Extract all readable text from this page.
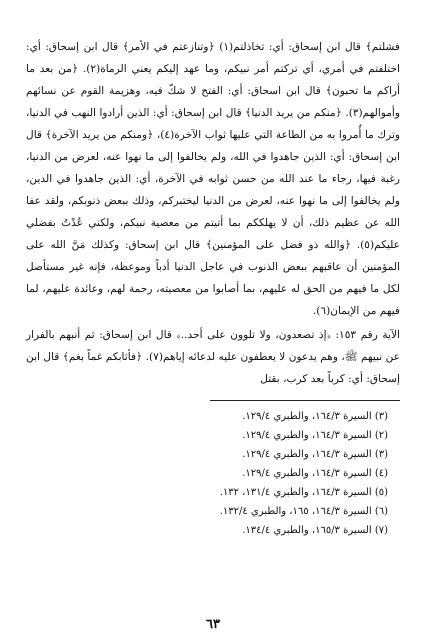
فشلتم﴾ قال ابن إسحاق: أي: تخاذلتم(١) ﴿وتنازعتم في الأمر﴾ قال ابن إسحاق: أي: اختلفتم في أمري، أي تركتم أمر نبيكم، وما عهد إليكم يعني الرماة(٢). ﴿من بعد ما أراكم ما تحبون﴾ قال ابن اسحاق: أي: الفتح لا شكّ فيه، وهزيمة القوم عن نسائهم وأموالهم(٣). ﴿منكم من يريد الدنيا﴾ قال ابن إسحاق: أي: الذين أرادوا النهب في الدنيا، وترك ما أُمروا به من الطاعة التي عليها ثواب الآخرة(٤)، ﴿ومنكم من يريد الآخرة﴾ قال ابن إسحاق: أي: الذين جاهدوا في الله، ولم يخالفوا إلى ما نهوا عنه، لعرض من الدنيا، رغبة فيها، رجاء ما عند الله من حسن ثوابه في الآخرة، أي: الذين جاهدوا في الدين، ولم يخالفوا إلى ما نهوا عنه، لعرض من الدنيا ليختبركم، وذلك ببعض ذنوبكم، ولقد عفا الله عن عظيم ذلك، أن لا يهلككم بما أتيتم من معصية نبيكم، ولكني عُدْتُ بفضلي عليكم(٥). ﴿والله ذو فضل على المؤمنين﴾ قال ابن إسحاق: وكذلك مَنَّ الله على المؤمنين أن عاقبهم ببعض الذنوب في عاجل الدنيا أدباً وموعظة، فإنه غير مستأصل لكل ما فيهم من الحق له عليهم، بما أصابوا من معصيته، رحمة لهم، وعائدة عليهم، لما فيهم من الإيمان(٦).

الآية رقم ١٥٣: ﴿إذ تصعدون، ولا تلوون على أحد..﴾ قال ابن إسحاق: ثم أنبهم بالفرار عن نبيهم ﷺ، وهم يدعون لا يعطفون عليه لدعائه إياهم(٧). ﴿فأثابكم غماً بغم﴾ قال ابن إسحاق: أي: كرباً بعد كرب، بقتل

(٣) السيرة ١٦٤/٣، والطبري ١٢٩/٤.
(٢) السيرة ١٦٤/٣، والطبري ١٢٩/٤.
(٣) السيرة ١٦٤/٣، والطبري ١٢٩/٤.
(٤) السيرة ١٦٤/٣، والطبري ١٢٩/٤.
(٥) السيرة ١٦٤/٣، والطبري ١٣١/٤، ١٣٢.
(٦) السيرة ١٦٤/٣، ١٦٥، والطبري ١٣٢/٤.
(٧) السيرة ١٦٥/٣، والطبري ١٣٤/٤.
٦٣
